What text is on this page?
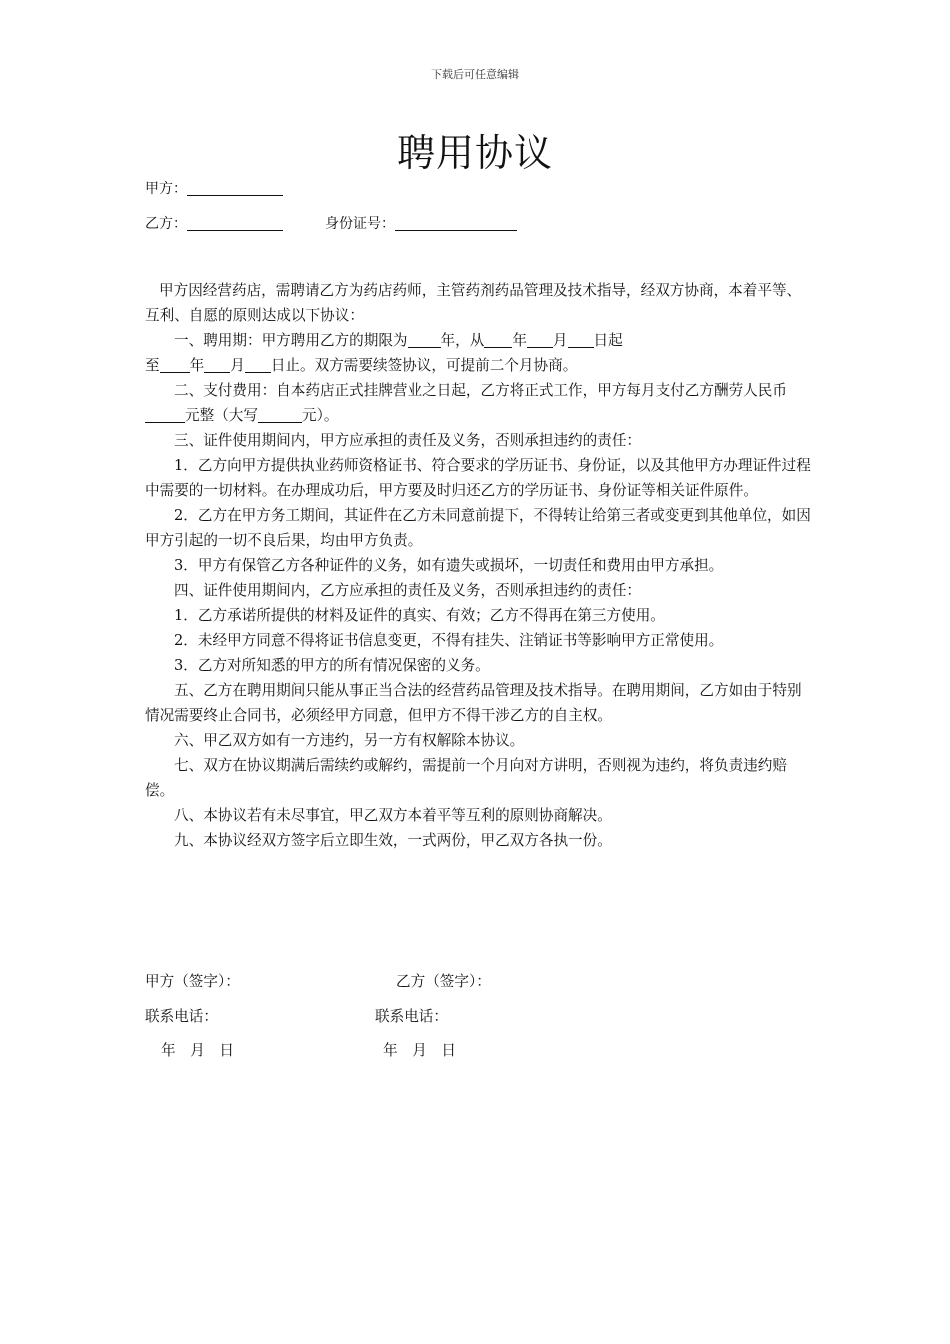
下载后可任意编辑
聘用协议
甲方：
乙方：	身份证号：

甲方因经营药店，需聘请乙方为药店药师，主管药剂药品管理及技术指导，经双方协商，本着平等、互利、自愿的原则达成以下协议：

一、聘用期：甲方聘用乙方的期限为 年，从 年 月 日起

至 年 月 日止。双方需要续签协议，可提前二个月协商。

二、支付费用：自本药店正式挂牌营业之日起，乙方将正式工作，甲方每月支付乙方酬劳人民币元整（大写	元）。

三、证件使用期间内，甲方应承担的责任及义务，否则承担违约的责任：

1．乙方向甲方提供执业药师资格证书、符合要求的学历证书、身份证，以及其他甲方办理证件过程中需要的一切材料。在办理成功后，甲方要及时归还乙方的学历证书、身份证等相关证件原件。

2．乙方在甲方务工期间，其证件在乙方未同意前提下，不得转让给第三者或变更到其他单位，如因甲方引起的一切不良后果，均由甲方负责。

3．甲方有保管乙方各种证件的义务，如有遗失或损坏，一切责任和费用由甲方承担。

四、证件使用期间内，乙方应承担的责任及义务，否则承担违约的责任：

1．乙方承诺所提供的材料及证件的真实、有效；乙方不得再在第三方使用。

2．未经甲方同意不得将证书信息变更，不得有挂失、注销证书等影响甲方正常使用。

3．乙方对所知悉的甲方的所有情况保密的义务。

五、乙方在聘用期间只能从事正当合法的经营药品管理及技术指导。在聘用期间，乙方如由于特别情况需要终止合同书，必须经甲方同意，但甲方不得干涉乙方的自主权。

六、甲乙双方如有一方违约，另一方有权解除本协议。

七、双方在协议期满后需续约或解约，需提前一个月向对方讲明，否则视为违约，将负责违约赔偿。

八、本协议若有未尽事宜，甲乙双方本着平等互利的原则协商解决。

九、本协议经双方签字后立即生效，一式两份，甲乙双方各执一份。

甲方（签字）：	乙方（签字）：
联系电话：	联系电话：
年　月　日	年　月　日
